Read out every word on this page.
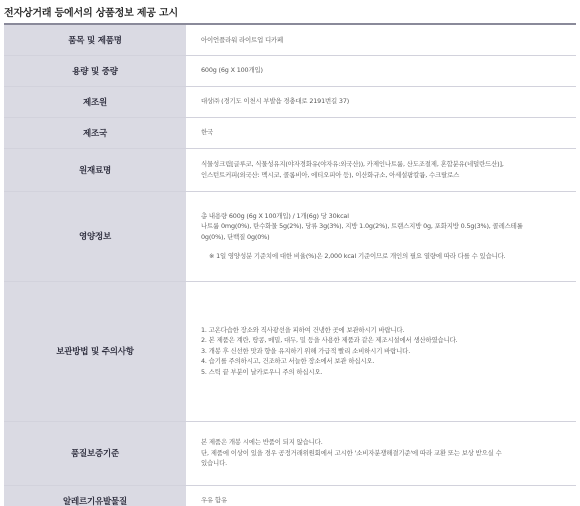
전자상거래 등에서의 상품정보 제공 고시
품목 및 제품명	아이언플라워 라이트업 디카페

용량 및 중량	600g (6g X 100개입)

제조원	대상㈜ (경기도 이천시 부발읍 경충대로 2191번길 37)

제조국	한국

원재료명	식물성크림[글루코, 식물성유지(야자경화유(야자유:외국산)), 카제인나트륨, 산도조절제, 혼합분유(네덜란드산)],
인스턴트커피(외국산: 멕시코, 콜롬비아, 에티오피아 등), 이산화규소, 아세설팜칼륨, 수크랄로스

영양정보	총 내용량 600g (6g X 100개입) / 1개(6g) 당 30kcal
나트륨 0mg(0%), 탄수화물 5g(2%), 당류 3g(3%), 지방 1.0g(2%), 트랜스지방 0g, 포화지방 0.5g(3%), 콜레스테롤
0g(0%), 단백질 0g(0%)
※ 1일 영양성분 기준치에 대한 비율(%)은 2,000 kcal 기준이므로 개인의 필요 열량에 따라 다를 수 있습니다.

보관방법 및 주의사항	1. 고온다습한 장소와 직사광선을 피하여 건냉한 곳에 보관하시기 바랍니다.
2. 본 제품은 계란, 땅콩, 메밀, 대두, 밀 등을 사용한 제품과 같은 제조시설에서 생산하였습니다.
3. 개봉 후 신선한 맛과 향을 유지하기 위해 가급적 빨리 소비하시기 바랍니다.
4. 습기를 주의하시고, 건조하고 서늘한 장소에서 보관 하십시오.
5. 스틱 끝 부분이 날카로우니 주의 하십시오.

품질보증기준	본 제품은 개봉 시에는 반품이 되지 않습니다.
단, 제품에 이상이 있을 경우 공정거래위원회에서 고시한 '소비자분쟁해결기준'에 따라 교환 또는 보상 받으실 수
있습니다.

알레르기유발물질	우유 함유
